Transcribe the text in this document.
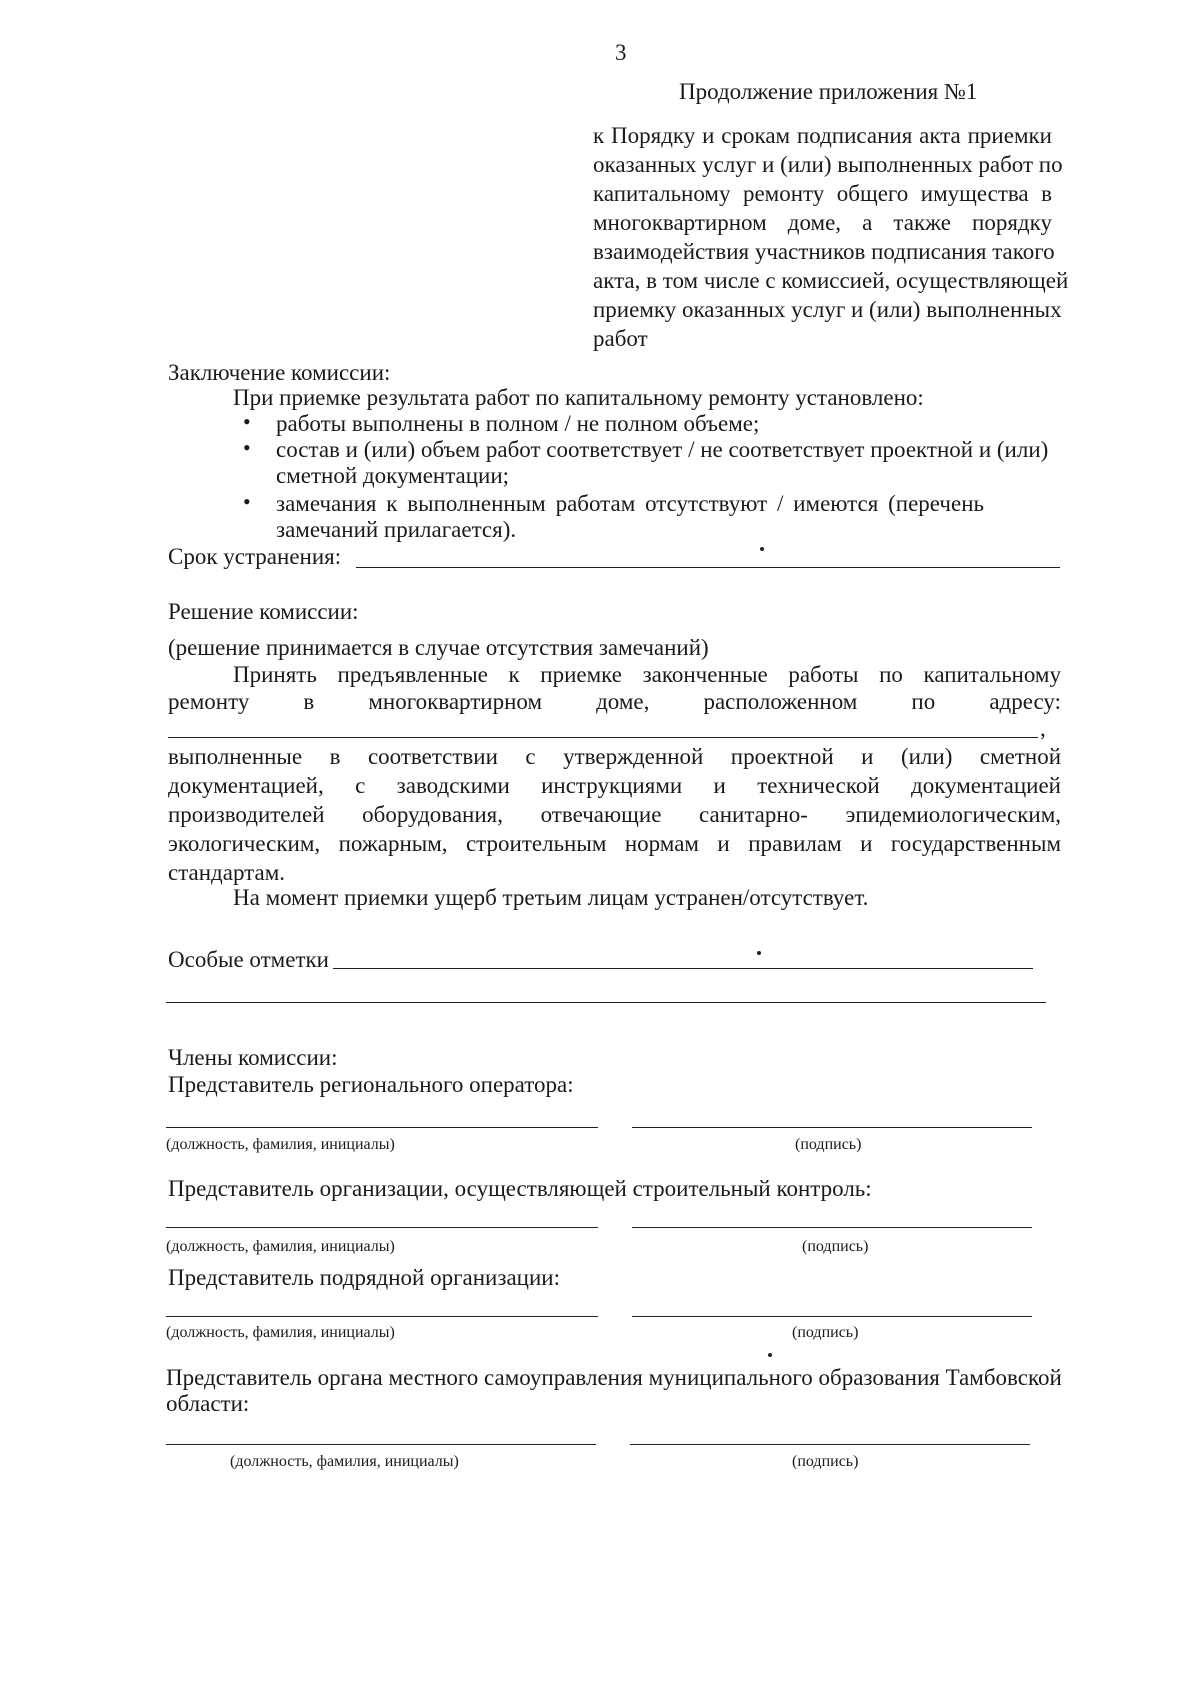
3
Продолжение приложения №1
к Порядку и срокам подписания акта приемки
оказанных услуг и (или) выполненных работ по
капитальному ремонту общего имущества в
многоквартирном доме, а также порядку
взаимодействия участников подписания такого
акта, в том числе с комиссией, осуществляющей
приемку оказанных услуг и (или) выполненных
работ
Заключение комиссии:
При приемке результата работ по капитальному ремонту установлено:
• работы выполнены в полном / не полном объеме;
• состав и (или) объем работ соответствует / не соответствует проектной и (или)
сметной документации;
• замечания к выполненным работам отсутствуют / имеются (перечень
замечаний прилагается).
Срок устранения:
Решение комиссии:
(решение принимается в случае отсутствия замечаний)
Принять предъявленные к приемке законченные работы по капитальному
ремонту в многоквартирном доме, расположенном по адресу:
,
выполненные в соответствии с утвержденной проектной и (или) сметной
документацией, с заводскими инструкциями и технической документацией
производителей оборудования, отвечающие санитарно- эпидемиологическим,
экологическим, пожарным, строительным нормам и правилам и государственным
стандартам.
На момент приемки ущерб третьим лицам устранен/отсутствует.
Особые отметки
Члены комиссии:
Представитель регионального оператора:
(должность, фамилия, инициалы)	(подпись)
Представитель организации, осуществляющей строительный контроль:
(должность, фамилия, инициалы)	(подпись)
Представитель подрядной организации:
(должность, фамилия, инициалы)	(подпись)
Представитель органа местного самоуправления муниципального образования Тамбовской
области:
(должность, фамилия, инициалы)	(подпись)
